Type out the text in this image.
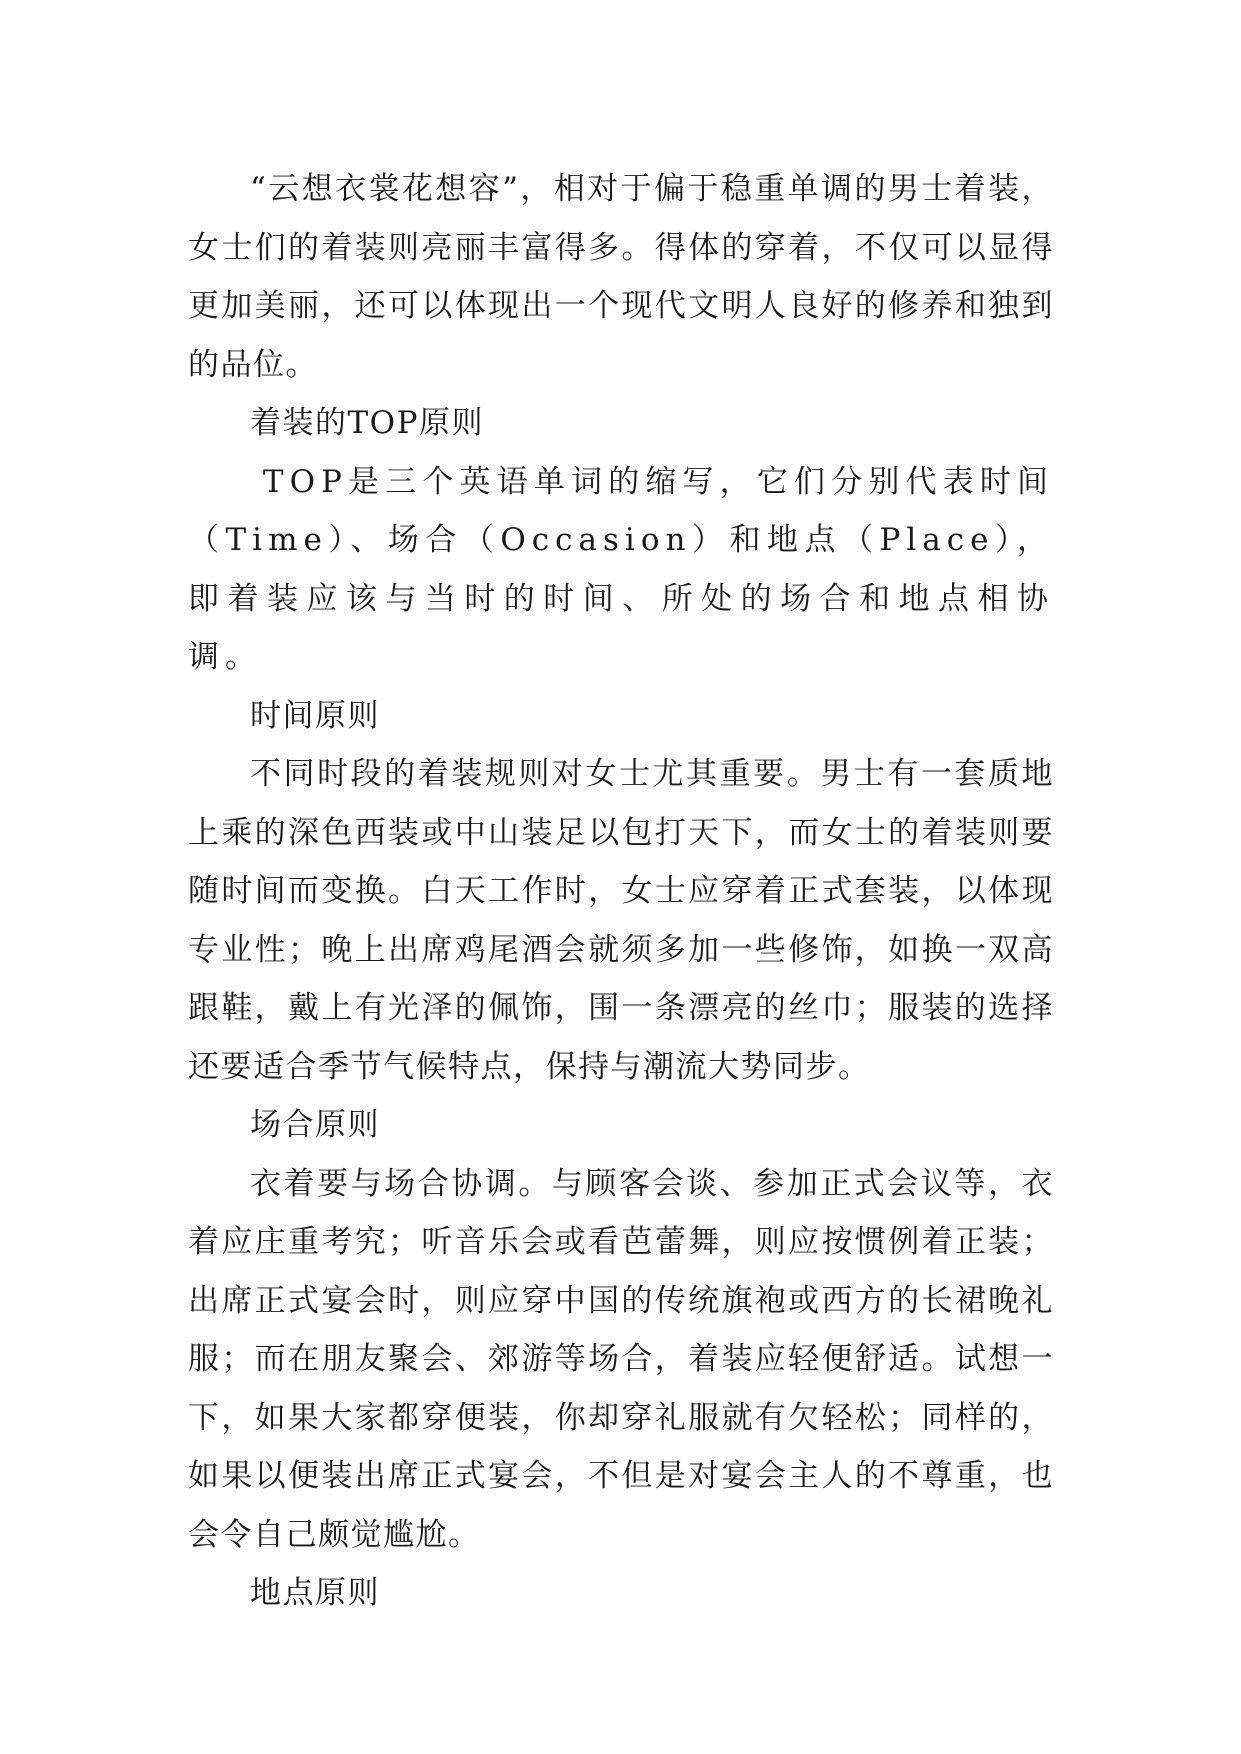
“云想衣裳花想容”，相对于偏于稳重单调的男士着装，女士们的着装则亮丽丰富得多。得体的穿着，不仅可以显得更加美丽，还可以体现出一个现代文明人良好的修养和独到的品位。

着装的TOP原则

TOP是三个英语单词的缩写，它们分别代表时间（Time）、场合（Occasion）和地点（Place），即着装应该与当时的时间、所处的场合和地点相协调。

时间原则

不同时段的着装规则对女士尤其重要。男士有一套质地上乘的深色西装或中山装足以包打天下，而女士的着装则要随时间而变换。白天工作时，女士应穿着正式套装，以体现专业性；晚上出席鸡尾酒会就须多加一些修饰，如换一双高跟鞋，戴上有光泽的佩饰，围一条漂亮的丝巾；服装的选择还要适合季节气候特点，保持与潮流大势同步。

场合原则

衣着要与场合协调。与顾客会谈、参加正式会议等，衣着应庄重考究；听音乐会或看芭蕾舞，则应按惯例着正装；出席正式宴会时，则应穿中国的传统旗袍或西方的长裙晚礼服；而在朋友聚会、郊游等场合，着装应轻便舒适。试想一下，如果大家都穿便装，你却穿礼服就有欠轻松；同样的，如果以便装出席正式宴会，不但是对宴会主人的不尊重，也会令自己颇觉尴尬。

地点原则
